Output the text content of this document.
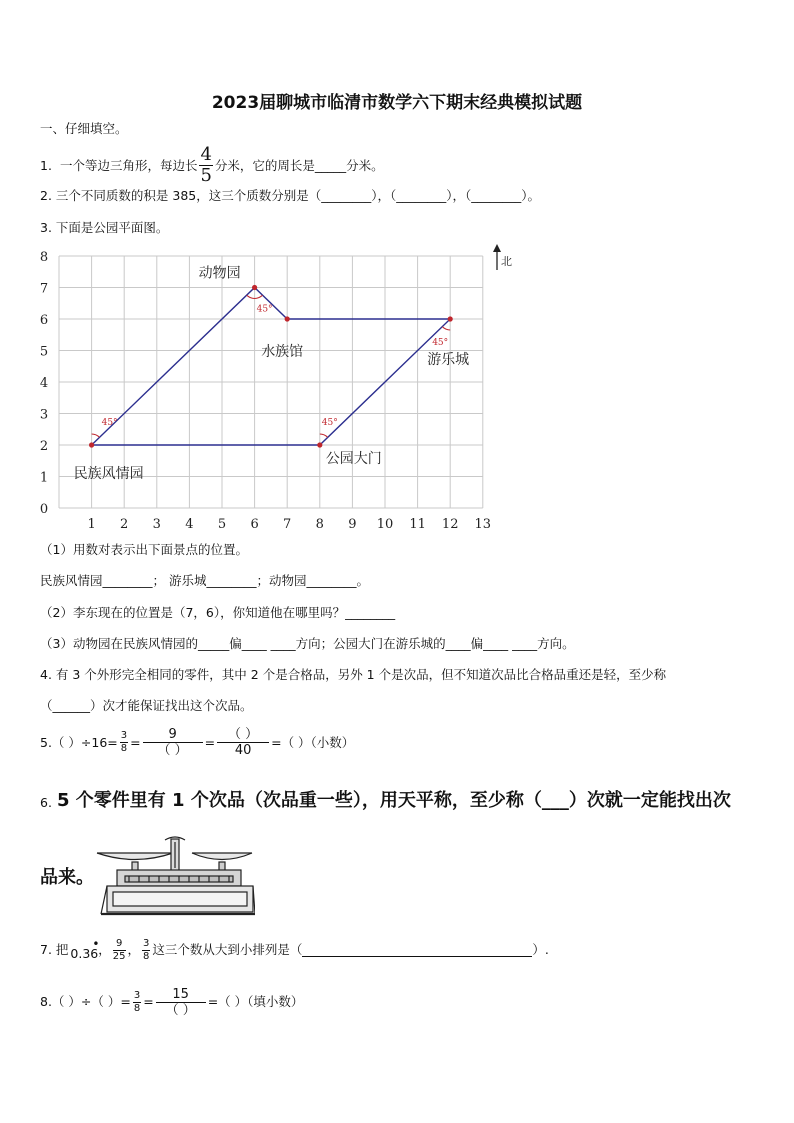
2023届聊城市临清市数学六下期末经典模拟试题
一、仔细填空。
1. 一个等边三角形，每边长 $\frac{4}{5}$ 分米，它的周长是 _____ 分米。
2. 三个不同质数的积是 385，这三个质数分别是（________），（________），（________）。
3. 下面是公园平面图。
1 2 3 4 5 6 7 8 9 10 11 12 13
0
1
2
3
4
5
6
7
8
45°	45°
45°
45°
民族风情园
动物园
水族馆	游乐城
公园大门
北
（1）用数对表示出下面景点的位置。
民族风情园________； 游乐城________；动物园________。
（2）李东现在的位置是（7，6），你知道他在哪里吗？________
（3）动物园在民族风情园的_____偏____ ____方向；公园大门在游乐城的____偏____ ____方向。
4. 有 3 个外形完全相同的零件，其中 2 个是合格品，另外 1 个是次品，但不知道次品比合格品重还是轻，至少称
（______）次才能保证找出这个次品。
5.（ ）$\div 16= \frac{3}{8} = \frac{9}{( )} = \frac{( )}{40}$ =（ ）（小数）
6. 5 个零件里有 1 个次品（次品重一些），用天平称，至少称（___）次就一定能找出次
品来。
7. 把 0.36
•
， $\frac{9}{25}$ ， $\frac{3}{8}$ 这三个数从大到小排列是（	）.
8.（ ）÷（ ）= $\frac{3}{8} = \frac{15}{( )}$ =（ ）（填小数）
